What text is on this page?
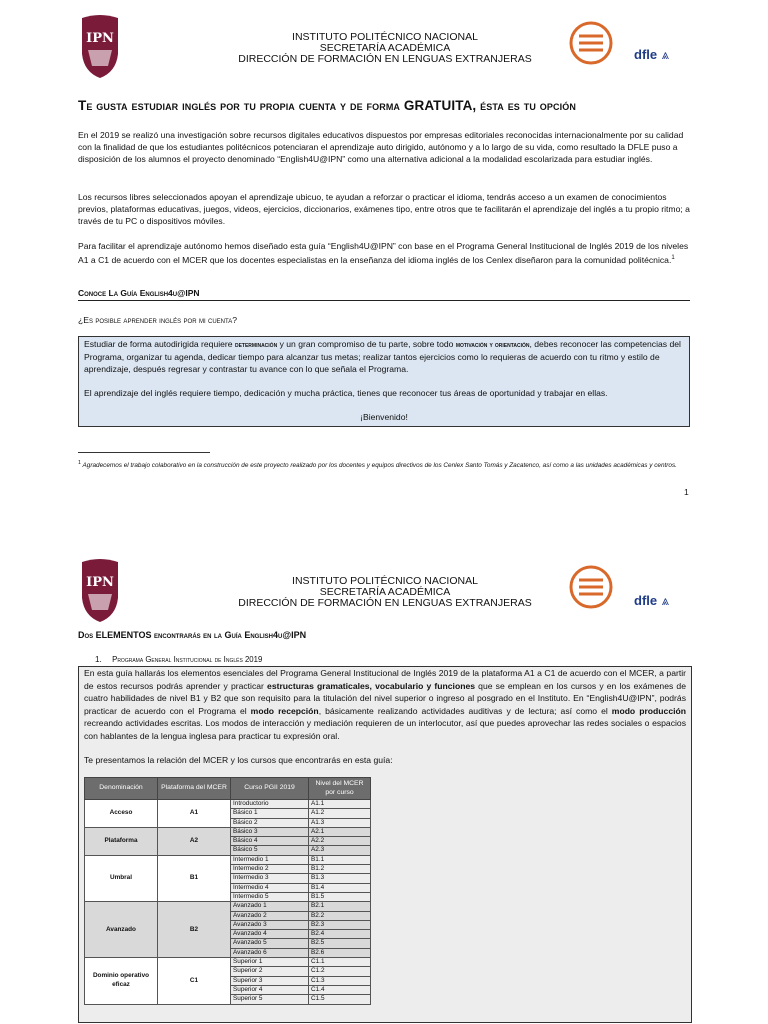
IPN	INSTITUTO POLITÉCNICO NACIONAL
SECRETARÍA ACADÉMICA
DIRECCIÓN DE FORMACIÓN EN LENGUAS EXTRANJERAS	dfle ⩓
Te gusta estudiar inglés por tu propia cuenta y de forma GRATUITA, ésta es tu opción

En el 2019 se realizó una investigación sobre recursos digitales educativos dispuestos por empresas editoriales reconocidas internacionalmente por su calidad con la finalidad de que los estudiantes politécnicos potenciaran el aprendizaje auto dirigido, autónomo y a lo largo de su vida, como resultado la DFLE puso a disposición de los alumnos el proyecto denominado “English4U@IPN” como una alternativa adicional a la modalidad escolarizada para estudiar inglés.

Los recursos libres seleccionados apoyan el aprendizaje ubicuo, te ayudan a reforzar o practicar el idioma, tendrás acceso a un examen de conocimientos previos, plataformas educativas, juegos, videos, ejercicios, diccionarios, exámenes tipo, entre otros que te facilitarán el aprendizaje del inglés a tu propio ritmo; a través de tu PC o dispositivos móviles.

Para facilitar el aprendizaje autónomo hemos diseñado esta guía “English4U@IPN” con base en el Programa General Institucional de Inglés 2019 de los niveles A1 a C1 de acuerdo con el MCER que los docentes especialistas en la enseñanza del idioma inglés de los Cenlex diseñaron para la comunidad politécnica.$^1$

Conoce La Guía English4u@IPN
¿Es posible aprender inglés por mi cuenta?

Estudiar de forma autodirigida requiere determinación y un gran compromiso de tu parte, sobre todo motivación y orientación, debes reconocer las competencias del Programa, organizar tu agenda, dedicar tiempo para alcanzar tus metas; realizar tantos ejercicios como lo requieras de acuerdo con tu ritmo y estilo de aprendizaje, después regresar y contrastar tu avance con lo que señala el Programa.

El aprendizaje del inglés requiere tiempo, dedicación y mucha práctica, tienes que reconocer tus áreas de oportunidad y trabajar en ellas.

¡Bienvenido!

$^1$ Agradecemos el trabajo colaborativo en la construcción de este proyecto realizado por los docentes y equipos directivos de los Cenlex Santo Tomás y Zacatenco, así como a las unidades académicas y centros.
1
IPN	INSTITUTO POLITÉCNICO NACIONAL
SECRETARÍA ACADÉMICA
DIRECCIÓN DE FORMACIÓN EN LENGUAS EXTRANJERAS	dfle ⩓
Dos ELEMENTOS encontrarás en la Guía English4u@IPN
1. Programa General Institucional de Inglés 2019

En esta guía hallarás los elementos esenciales del Programa General Institucional de Inglés 2019 de la plataforma A1 a C1 de acuerdo con el MCER, a partir de estos recursos podrás aprender y practicar estructuras gramaticales, vocabulario y funciones que se emplean en los cursos y en los exámenes de cuatro habilidades de nivel B1 y B2 que son requisito para la titulación del nivel superior o ingreso al posgrado en el Instituto. En “English4U@IPN”, podrás practicar de acuerdo con el Programa el modo recepción, básicamente realizando actividades auditivas y de lectura; así como el modo producción recreando actividades escritas. Los modos de interacción y mediación requieren de un interlocutor, así que puedes aprovechar las redes sociales o espacios con hablantes de la lengua inglesa para practicar tu expresión oral.

Te presentamos la relación del MCER y los cursos que encontrarás en esta guía:

Denominación	Plataforma del MCER	Curso PGII 2019	Nivel del MCER por curso
Acceso	A1	Introductorio	A1.1
		Básico 1	A1.2
		Básico 2	A1.3
Plataforma	A2	Básico 3	A2.1
		Básico 4	A2.2
		Básico 5	A2.3
Umbral	B1	Intermedio 1	B1.1
		Intermedio 2	B1.2
		Intermedio 3	B1.3
		Intermedio 4	B1.4
		Intermedio 5	B1.5
Avanzado	B2	Avanzado 1	B2.1
		Avanzado 2	B2.2
		Avanzado 3	B2.3
		Avanzado 4	B2.4
		Avanzado 5	B2.5
		Avanzado 6	B2.6
Dominio operativo eficaz	C1	Superior 1	C1.1
		Superior 2	C1.2
		Superior 3	C1.3
		Superior 4	C1.4
		Superior 5	C1.5
